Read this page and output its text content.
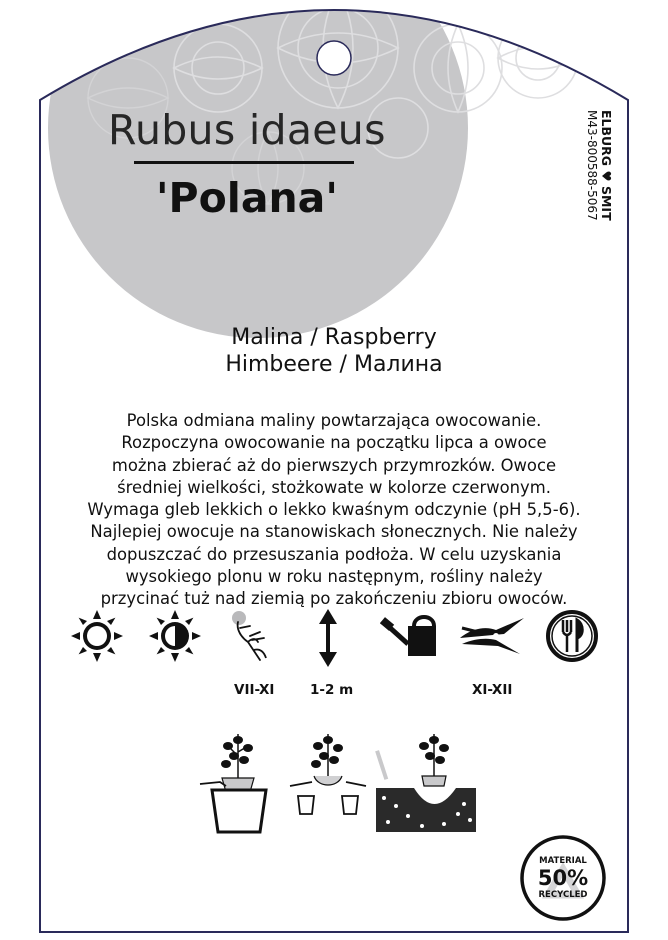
Rubus idaeus
'Polana'	ELBURG ♥ SMIT
M43-800588-5067
Malina / Raspberry
Himbeere / Малина
Polska odmiana maliny powtarzająca owocowanie.
Rozpoczyna owocowanie na początku lipca a owoce
można zbierać aż do pierwszych przymrozków. Owoce
średniej wielkości, stożkowate w kolorze czerwonym.
Wymaga gleb lekkich o lekko kwaśnym odczynie (pH 5,5-6).
Najlepiej owocuje na stanowiskach słonecznych. Nie należy
dopuszczać do przesuszania podłoża. W celu uzyskania
wysokiego plonu w roku następnym, rośliny należy
przycinać tuż nad ziemią po zakończeniu zbioru owoców.
VII-XI	1-2 m	XI-XII
MATERIAL
50%
RECYCLED
